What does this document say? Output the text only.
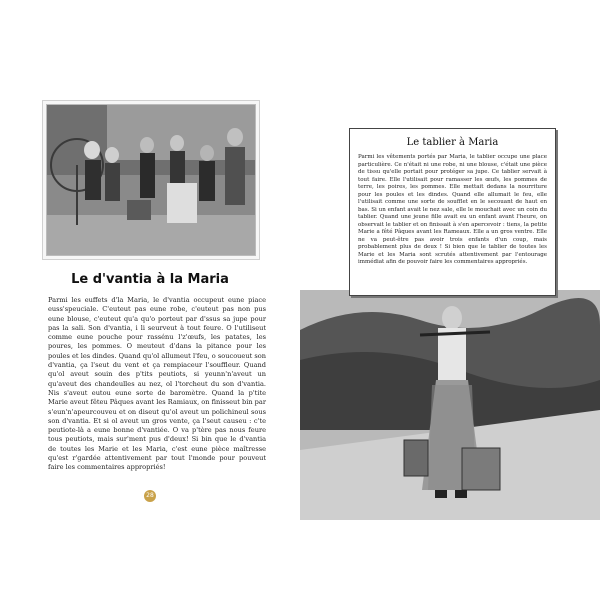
Le d'vantia à la Maria

Parmi les euffets d'la Maria, le d'vantia occupeut eune piace euss'speuciale. C'euteut pas eune robe, c'euteut pas non pus eune blouse, c'euteut qu'a qu'o porteut par d'ssus sa jupe pour pas la sali. Son d'vantia, i li seurveut à tout feure. O l'utiliseut comme eune pouche pour rassénu l'z'œufs, les patates, les poures, les pommes. O meuteut d'dans la pitance pour les poules et les dindes. Quand qu'ol allumeut l'feu, o soucoueut son d'vantia, ça l'seut du vent et ça rempiaceur l'souffleur. Quand qu'ol aveut souin des p'tits peutiots, si yeunn'n'aveut un qu'aveut des chandeulles au nez, ol l'torcheut du son d'vantia. Nis s'aveut eutou eune sorte de baromètre. Quand la p'tite Marie aveut fêteu Pâques avant les Ramiaux, on finisseut bin par s'eun'n'apeurcouveu et on diseut qu'ol aveut un polichineul sous son d'vantia. Et si ol aveut un gros vente, ça l'seut causeu : c'te peutiote-là a eune bonne d'vantiée. O va p'tère pas nous feure tous peutiots, mais sur'ment pus d'deux! Si bin que le d'vantia de toutes les Marie et les Maria, c'est eune pièce maîtresse qu'est r'gardée attentivement par tout l'monde pour pouveut faire les commentaires appropriés!

28
Le tablier à Maria

Parmi les vêtements portés par Maria, le tablier occupe une place particulière. Ce n'était ni une robe, ni une blouse, c'était une pièce de tissu qu'elle portait pour protéger sa jupe. Ce tablier servait à tout faire. Elle l'utilisait pour ramasser les œufs, les pommes de terre, les poires, les pommes. Elle mettait dedans la nourriture pour les poules et les dindes. Quand elle allumait le feu, elle l'utilisait comme une sorte de soufflet en le secouant de haut en bas. Si un enfant avait le nez sale, elle le mouchait avec un coin du tablier. Quand une jeune fille avait eu un enfant avant l'heure, on observait le tablier et on finissait à s'en apercevoir : tiens, la petite Marie a fêté Pâques avant les Rameaux. Elle a un gros ventre. Elle ne va peut-être pas avoir trois enfants d'un coup, mais probablement plus de deux ! Si bien que le tablier de toutes les Marie et les Maria sont scrutés attentivement par l'entourage immédiat afin de pouvoir faire les commentaires appropriés.
